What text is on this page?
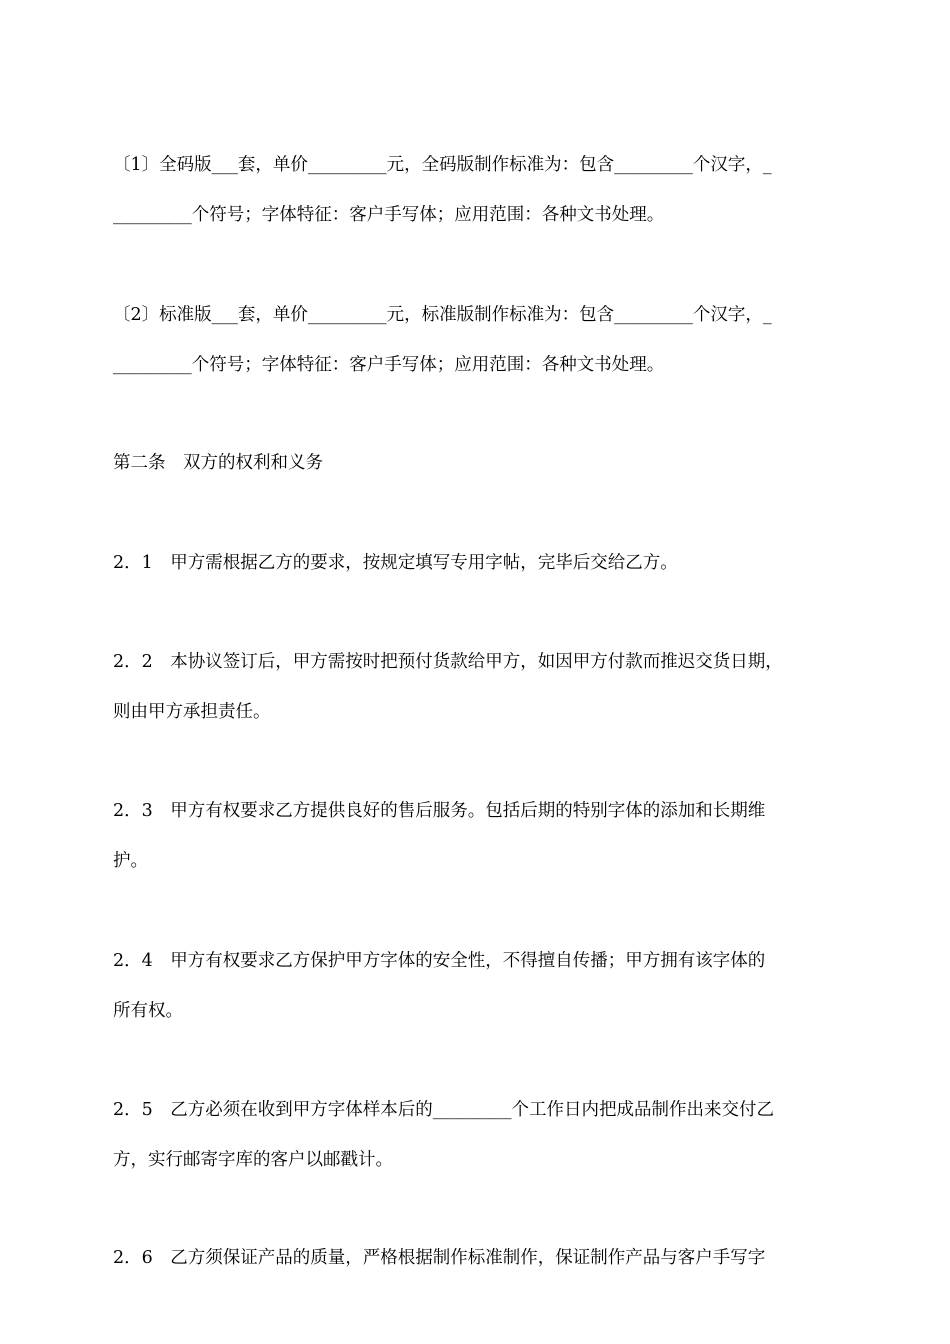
〔1〕全码版___套，单价_________元，全码版制作标准为：包含_________个汉字，_
_________个符号；字体特征：客户手写体；应用范围：各种文书处理。
〔2〕标准版___套，单价_________元，标准版制作标准为：包含_________个汉字，_
_________个符号；字体特征：客户手写体；应用范围：各种文书处理。
第二条　双方的权利和义务
2．1　甲方需根据乙方的要求，按规定填写专用字帖，完毕后交给乙方。
2．2　本协议签订后，甲方需按时把预付货款给甲方，如因甲方付款而推迟交货日期，
则由甲方承担责任。
2．3　甲方有权要求乙方提供良好的售后服务。包括后期的特别字体的添加和长期维
护。
2．4　甲方有权要求乙方保护甲方字体的安全性，不得擅自传播；甲方拥有该字体的
所有权。
2．5　乙方必须在收到甲方字体样本后的_________个工作日内把成品制作出来交付乙
方，实行邮寄字库的客户以邮戳计。
2．6　乙方须保证产品的质量，严格根据制作标准制作，保证制作产品与客户手写字
